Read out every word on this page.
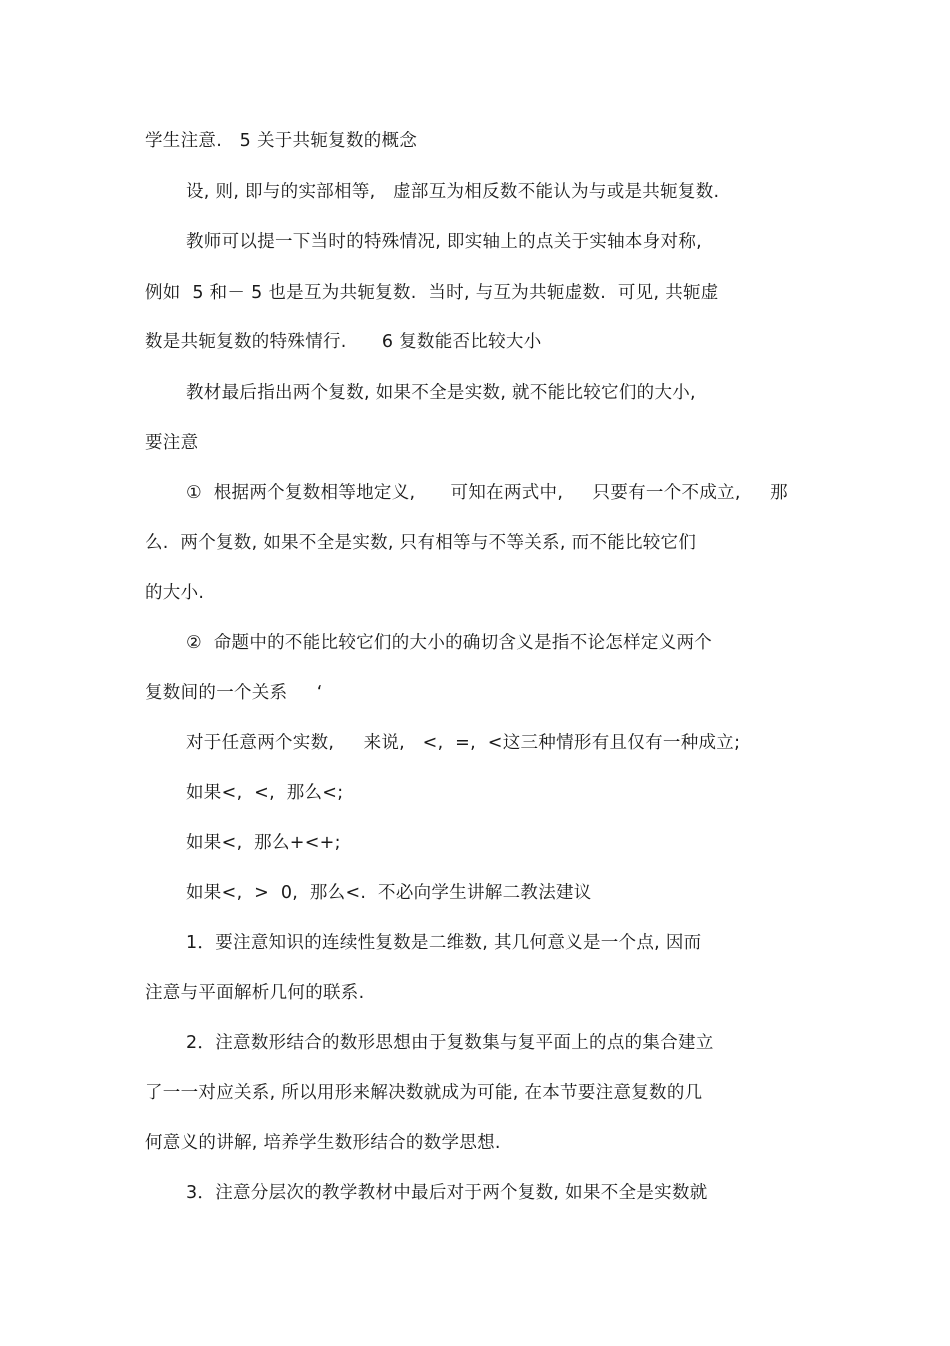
学生注意.   5 关于共轭复数的概念
设, 则, 即与的实部相等,   虚部互为相反数不能认为与或是共轭复数.
教师可以提一下当时的特殊情况, 即实轴上的点关于实轴本身对称,
例如  5 和－ 5 也是互为共轭复数.  当时, 与互为共轭虚数.  可见, 共轭虚
数是共轭复数的特殊情行.      6 复数能否比较大小
教材最后指出两个复数, 如果不全是实数, 就不能比较它们的大小,
要注意
①  根据两个复数相等地定义,      可知在两式中,     只要有一个不成立,     那
么.  两个复数, 如果不全是实数, 只有相等与不等关系, 而不能比较它们
的大小.
②  命题中的不能比较它们的大小的确切含义是指不论怎样定义两个
复数间的一个关系     ‘
对于任意两个实数,     来说,   <,  =,  <这三种情形有且仅有一种成立;
如果<,  <,  那么<;
如果<,  那么+<+;
如果<,  >  0,  那么<.  不必向学生讲解二教法建议
1．要注意知识的连续性复数是二维数, 其几何意义是一个点, 因而
注意与平面解析几何的联系.
2．注意数形结合的数形思想由于复数集与复平面上的点的集合建立
了一一对应关系, 所以用形来解决数就成为可能, 在本节要注意复数的几
何意义的讲解, 培养学生数形结合的数学思想.
3．注意分层次的教学教材中最后对于两个复数, 如果不全是实数就
